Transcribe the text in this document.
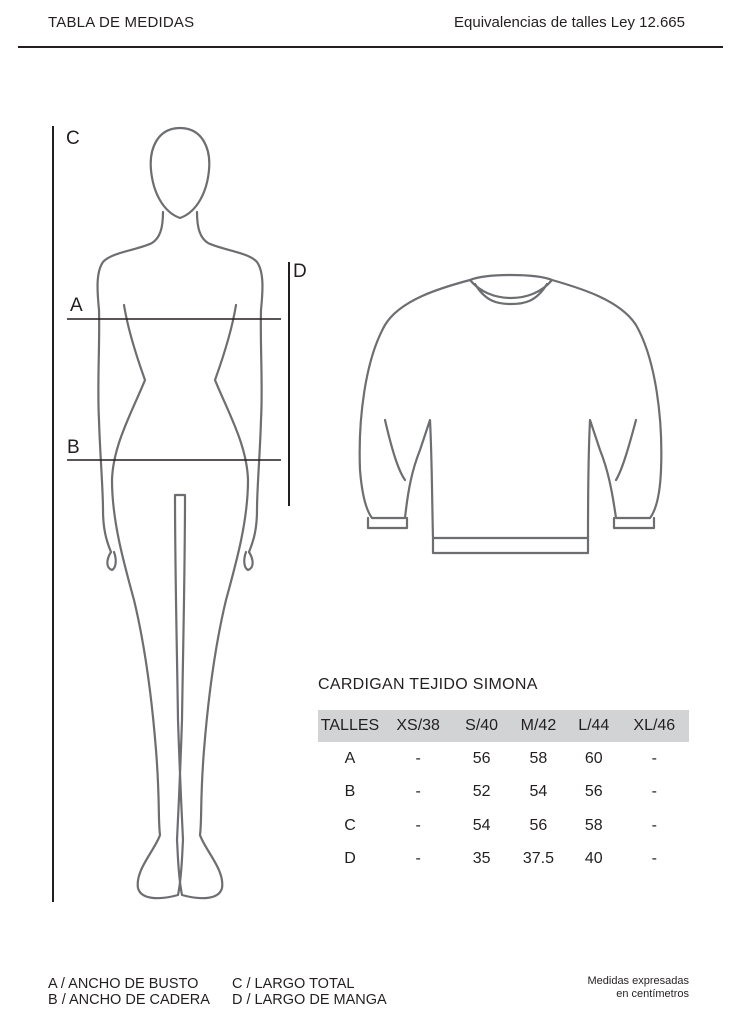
TABLA DE MEDIDAS	Equivalencias de talles Ley 12.665
C
D
A
B
CARDIGAN TEJIDO SIMONA
TALLES	XS/38	S/40	M/42	L/44	XL/46
A	-	56	58	60	-
B	-	52	54	56	-
C	-	54	56	58	-
D	-	35	37.5	40	-
A / ANCHO DE BUSTO
B / ANCHO DE CADERA
C / LARGO TOTAL
D / LARGO DE MANGA
Medidas expresadas
en centímetros
